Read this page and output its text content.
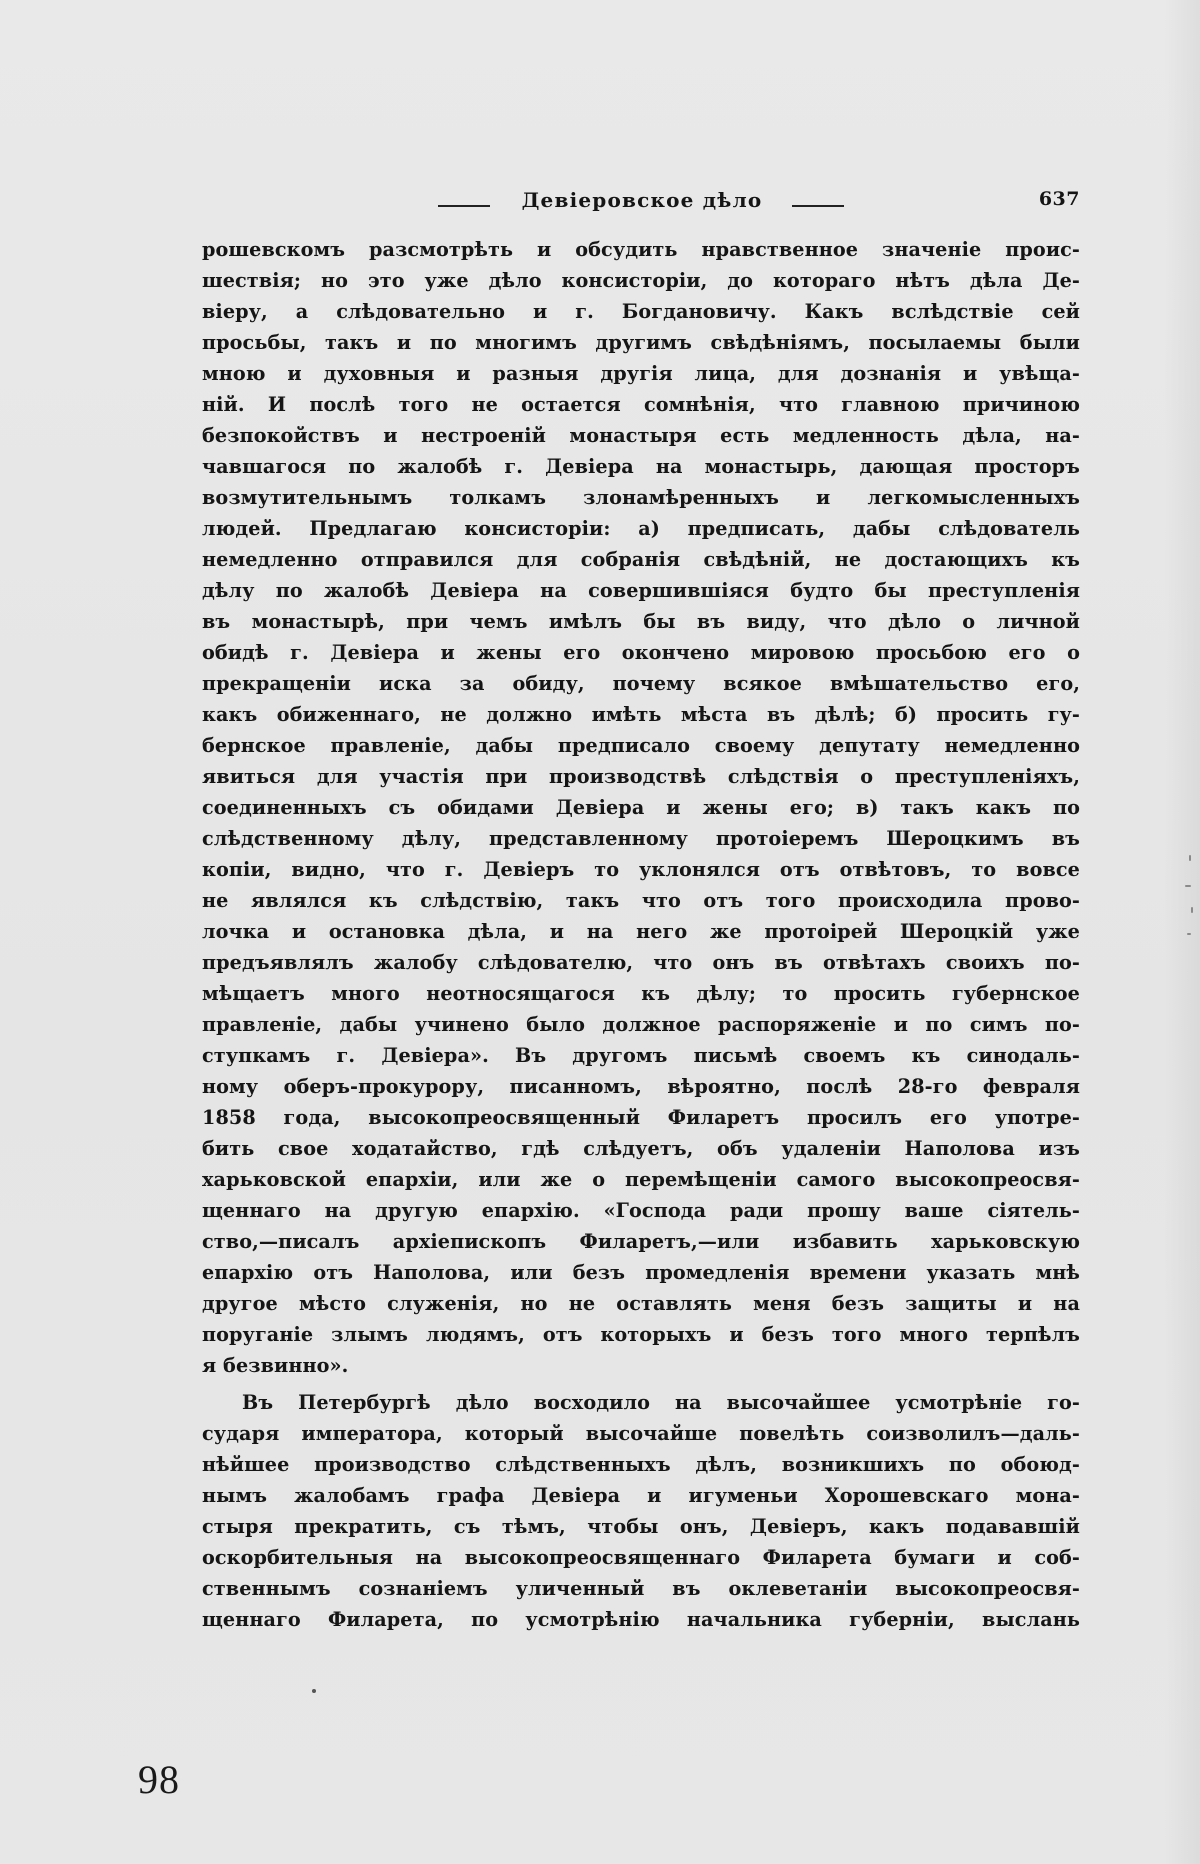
Девіеровское дѣло	637
рошевскомъ разсмотрѣть и обсудить нравственное значеніе проис-
шествія; но это уже дѣло консисторіи, до котораго нѣтъ дѣла Де-
віеру, а слѣдовательно и г. Богдановичу. Какъ вслѣдствіе сей
просьбы, такъ и по многимъ другимъ свѣдѣніямъ, посылаемы были
мною и духовныя и разныя другія лица, для дознанія и увѣща-
ній. И послѣ того не остается сомнѣнія, что главною причиною
безпокойствъ и нестроеній монастыря есть медленность дѣла, на-
чавшагося по жалобѣ г. Девіера на монастырь, дающая просторъ
возмутительнымъ толкамъ злонамѣренныхъ и легкомысленныхъ
людей. Предлагаю консисторіи: а) предписать, дабы слѣдователь
немедленно отправился для собранія свѣдѣній, не достающихъ къ
дѣлу по жалобѣ Девіера на совершившіяся будто бы преступленія
въ монастырѣ, при чемъ имѣлъ бы въ виду, что дѣло о личной
обидѣ г. Девіера и жены его окончено мировою просьбою его о
прекращеніи иска за обиду, почему всякое вмѣшательство его,
какъ обиженнаго, не должно имѣть мѣста въ дѣлѣ; б) просить гу-
бернское правленіе, дабы предписало своему депутату немедленно
явиться для участія при производствѣ слѣдствія о преступленіяхъ,
соединенныхъ съ обидами Девіера и жены его; в) такъ какъ по
слѣдственному дѣлу, представленному протоіеремъ Шероцкимъ въ
копіи, видно, что г. Девіеръ то уклонялся отъ отвѣтовъ, то вовсе
не являлся къ слѣдствію, такъ что отъ того происходила прово-
лочка и остановка дѣла, и на него же протоірей Шероцкій уже
предъявлялъ жалобу слѣдователю, что онъ въ отвѣтахъ своихъ по-
мѣщаетъ много неотносящагося къ дѣлу; то просить губернское
правленіе, дабы учинено было должное распоряженіе и по симъ по-
ступкамъ г. Девіера». Въ другомъ письмѣ своемъ къ синодаль-
ному оберъ-прокурору, писанномъ, вѣроятно, послѣ 28-го февраля
1858 года, высокопреосвященный Филаретъ просилъ его употре-
бить свое ходатайство, гдѣ слѣдуетъ, объ удаленіи Наполова изъ
харьковской епархіи, или же о перемѣщеніи самого высокопреосвя-
щеннаго на другую епархію. «Господа ради прошу ваше сіятель-
ство,—писалъ архіепископъ Филаретъ,—или избавить харьковскую
епархію отъ Наполова, или безъ промедленія времени указать мнѣ
другое мѣсто служенія, но не оставлять меня безъ защиты и на
поруганіе злымъ людямъ, отъ которыхъ и безъ того много терпѣлъ
я безвинно».
Въ Петербургѣ дѣло восходило на высочайшее усмотрѣніе го-
сударя императора, который высочайше повелѣть соизволилъ—даль-
нѣйшее производство слѣдственныхъ дѣлъ, возникшихъ по обоюд-
нымъ жалобамъ графа Девіера и игуменьи Хорошевскаго мона-
стыря прекратить, съ тѣмъ, чтобы онъ, Девіеръ, какъ подававшій
оскорбительныя на высокопреосвященнаго Филарета бумаги и соб-
ственнымъ сознаніемъ уличенный въ оклеветаніи высокопреосвя-
щеннаго Филарета, по усмотрѣнію начальника губерніи, выслань
98
